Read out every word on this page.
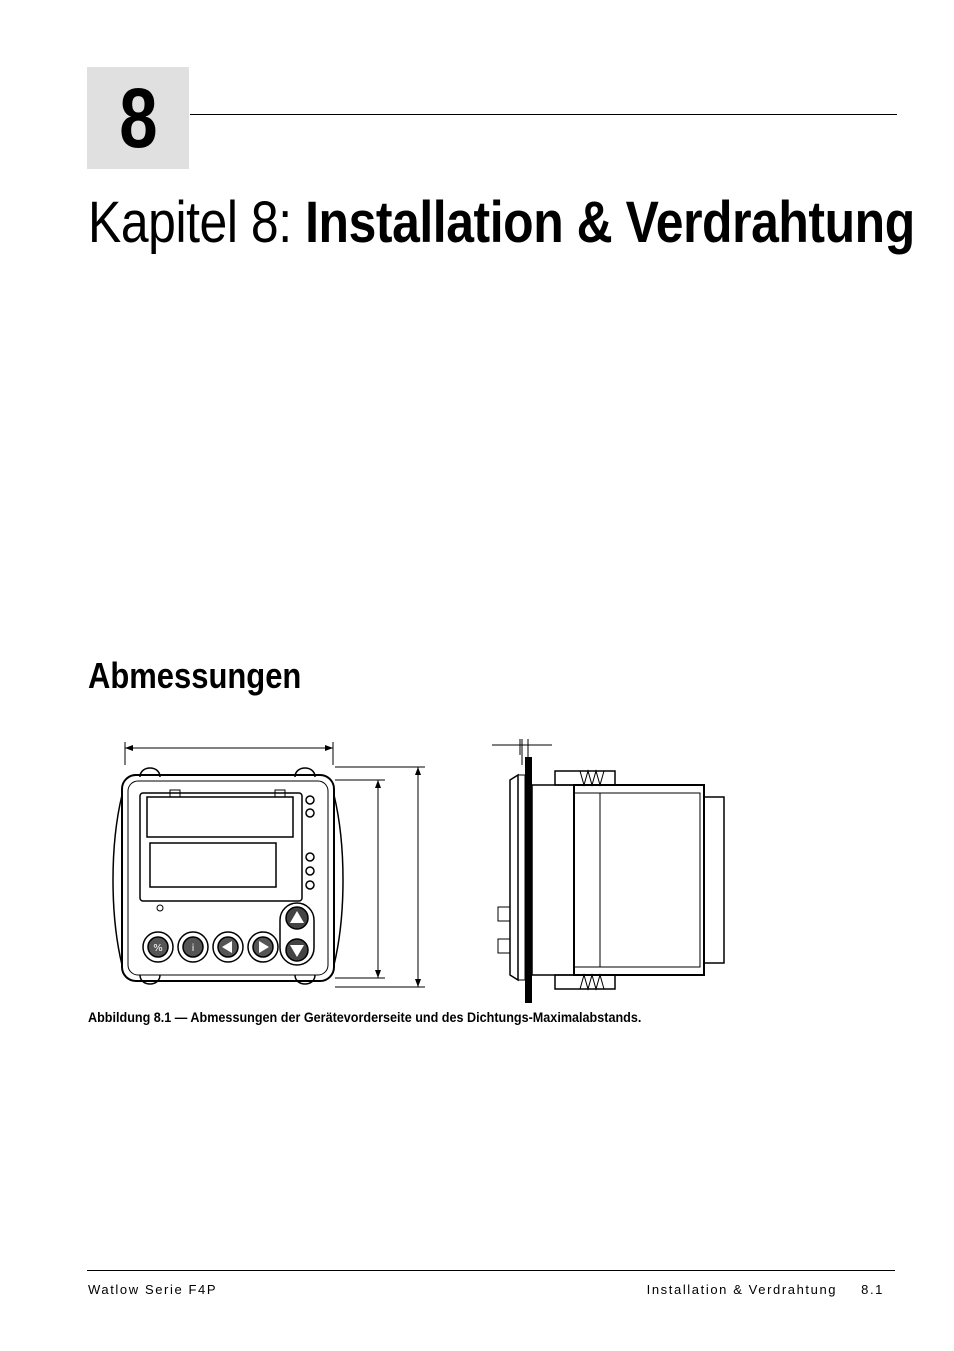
8
Kapitel 8: Installation & Verdrahtung
Abmessungen
%	i
Abbildung 8.1 — Abmessungen der Gerätevorderseite und des Dichtungs-Maximalabstands.
Watlow Serie F4P	Installation & Verdrahtung 8.1
